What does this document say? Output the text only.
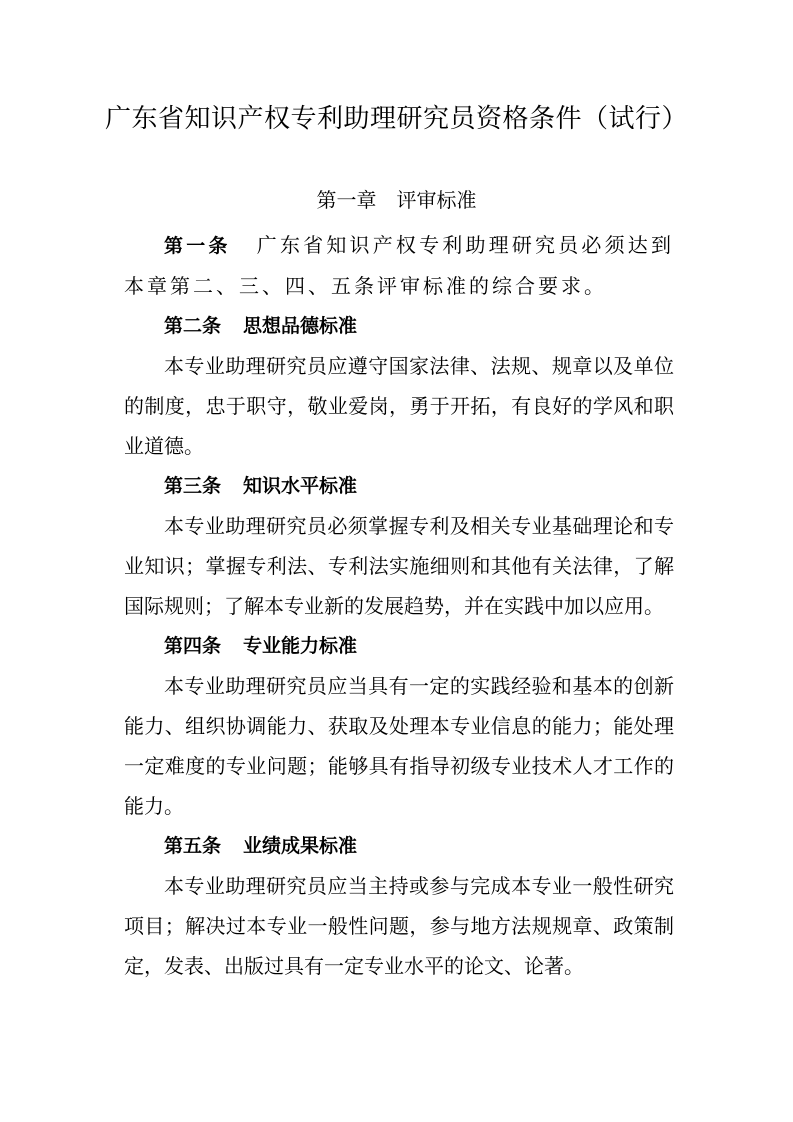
广东省知识产权专利助理研究员资格条件（试行）
第一章 评审标准

第一条 广东省知识产权专利助理研究员必须达到本章第二、三、四、五条评审标准的综合要求。

第二条 思想品德标准

本专业助理研究员应遵守国家法律、法规、规章以及单位的制度，忠于职守，敬业爱岗，勇于开拓，有良好的学风和职业道德。

第三条 知识水平标准

本专业助理研究员必须掌握专利及相关专业基础理论和专业知识；掌握专利法、专利法实施细则和其他有关法律，了解国际规则；了解本专业新的发展趋势，并在实践中加以应用。

第四条 专业能力标准

本专业助理研究员应当具有一定的实践经验和基本的创新能力、组织协调能力、获取及处理本专业信息的能力；能处理一定难度的专业问题；能够具有指导初级专业技术人才工作的能力。

第五条 业绩成果标准

本专业助理研究员应当主持或参与完成本专业一般性研究项目；解决过本专业一般性问题，参与地方法规规章、政策制定，发表、出版过具有一定专业水平的论文、论著。
